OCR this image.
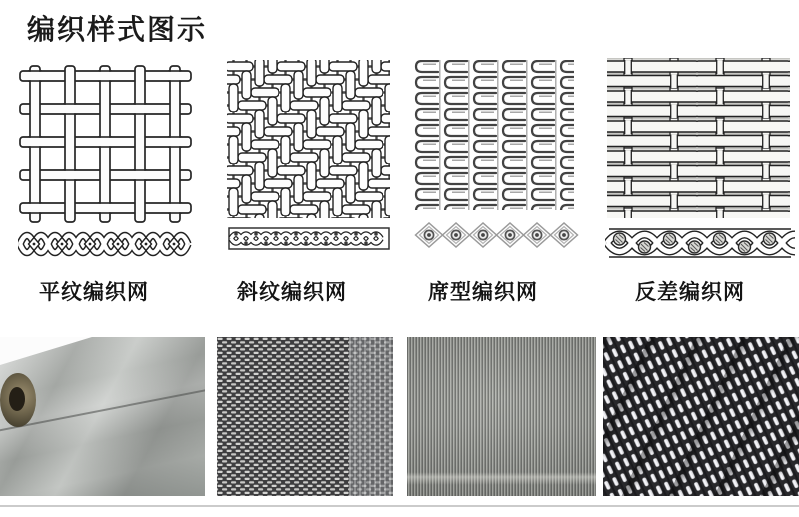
编织样式图示
平纹编织网	斜纹编织网	席型编织网	反差编织网
